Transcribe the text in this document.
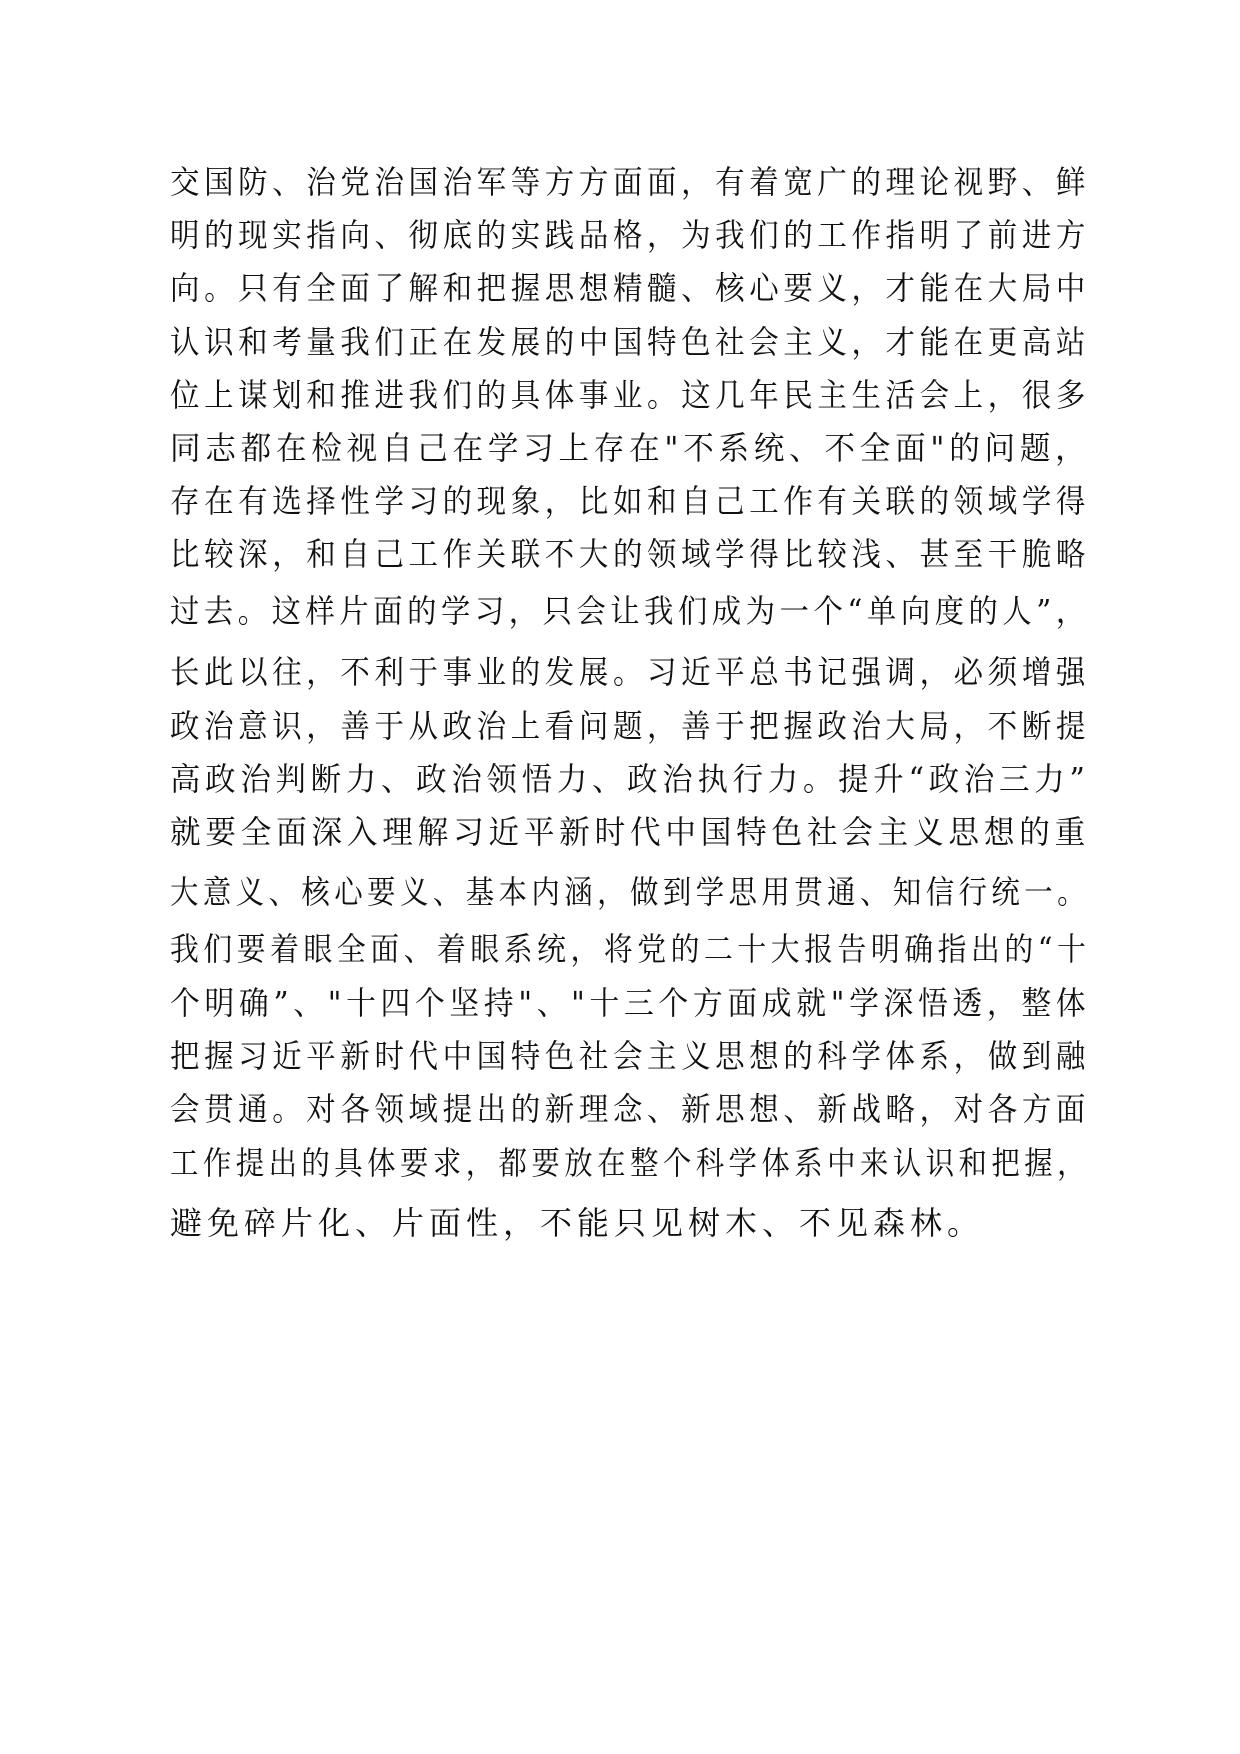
交国防、治党治国治军等方方面面，有着宽广的理论视野、鲜
明的现实指向、彻底的实践品格，为我们的工作指明了前进方
向。只有全面了解和把握思想精髓、核心要义，才能在大局中
认识和考量我们正在发展的中国特色社会主义，才能在更高站
位上谋划和推进我们的具体事业。这几年民主生活会上，很多
同志都在检视自己在学习上存在"不系统、不全面"的问题，
存在有选择性学习的现象，比如和自己工作有关联的领域学得
比较深，和自己工作关联不大的领域学得比较浅、甚至干脆略
过去。这样片面的学习，只会让我们成为一个“单向度的人”，
长此以往，不利于事业的发展。习近平总书记强调，必须增强
政治意识，善于从政治上看问题，善于把握政治大局，不断提
高政治判断力、政治领悟力、政治执行力。提升“政治三力”
就要全面深入理解习近平新时代中国特色社会主义思想的重
大意义、核心要义、基本内涵，做到学思用贯通、知信行统一。
我们要着眼全面、着眼系统，将党的二十大报告明确指出的“十
个明确”、"十四个坚持"、"十三个方面成就"学深悟透，整体
把握习近平新时代中国特色社会主义思想的科学体系，做到融
会贯通。对各领域提出的新理念、新思想、新战略，对各方面
工作提出的具体要求，都要放在整个科学体系中来认识和把握，
避免碎片化、片面性，不能只见树木、不见森林。
